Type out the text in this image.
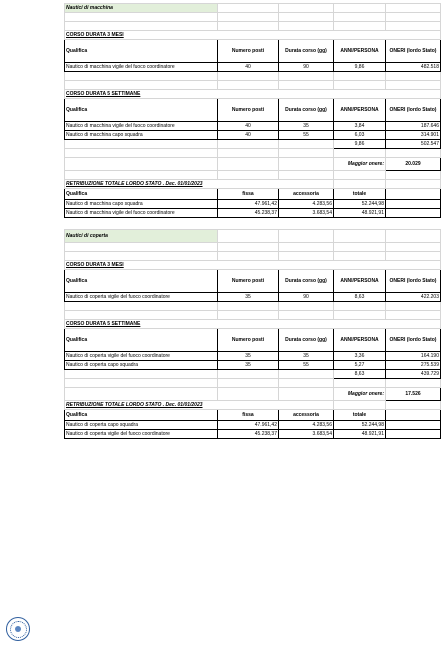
Nautici di macchina				

CORSO DURATA 3 MESI				
Qualifica	Numero posti	Durata corso (gg)	ANNI/PERSONA	ONERI (lordo Stato)
Nautico di macchina vigile del fuoco coordinatore	40	90	9,86	482.518

CORSO DURATA 5 SETTIMANE				
Qualifica	Numero posti	Durata corso (gg)	ANNI/PERSONA	ONERI (lordo Stato)
Nautico di macchina vigile del fuoco coordinatore	40	35	3,84	187.646
Nautico di macchina capo squadra	40	55	6,03	314.901
			9,86	502.547

			Maggior onere:	20.029

RETRIBUZIONE TOTALE LORDO STATO . Dec. 01/01/2023				
Qualifica	fissa	accessoria	totale	
Nautico di macchina capo squadra	47.961,42	4.283,56	52.244,98	
Nautico di macchina vigile del fuoco coordinatore	45.238,37	3.683,54	48.921,91	
Nautici di coperta				

CORSO DURATA 3 MESI				
Qualifica	Numero posti	Durata corso (gg)	ANNI/PERSONA	ONERI (lordo Stato)
Nautico di coperta vigile del fuoco coordinatore	35	90	8,63	422.203

CORSO DURATA 5 SETTIMANE				
Qualifica	Numero posti	Durata corso (gg)	ANNI/PERSONA	ONERI (lordo Stato)
Nautico di coperta vigile del fuoco coordinatore	35	35	3,36	164.190
Nautico di coperta capo squadra	35	55	5,27	275.539
			8,63	439.729

			Maggior onere:	17.526
RETRIBUZIONE TOTALE LORDO STATO . Dec. 01/01/2023				
Qualifica	fissa	accessoria	totale	
Nautico di coperta capo squadra	47.961,42	4.283,56	52.244,98	
Nautico di coperta vigile del fuoco coordinatore	45.238,37	3.683,54	48.921,91	
